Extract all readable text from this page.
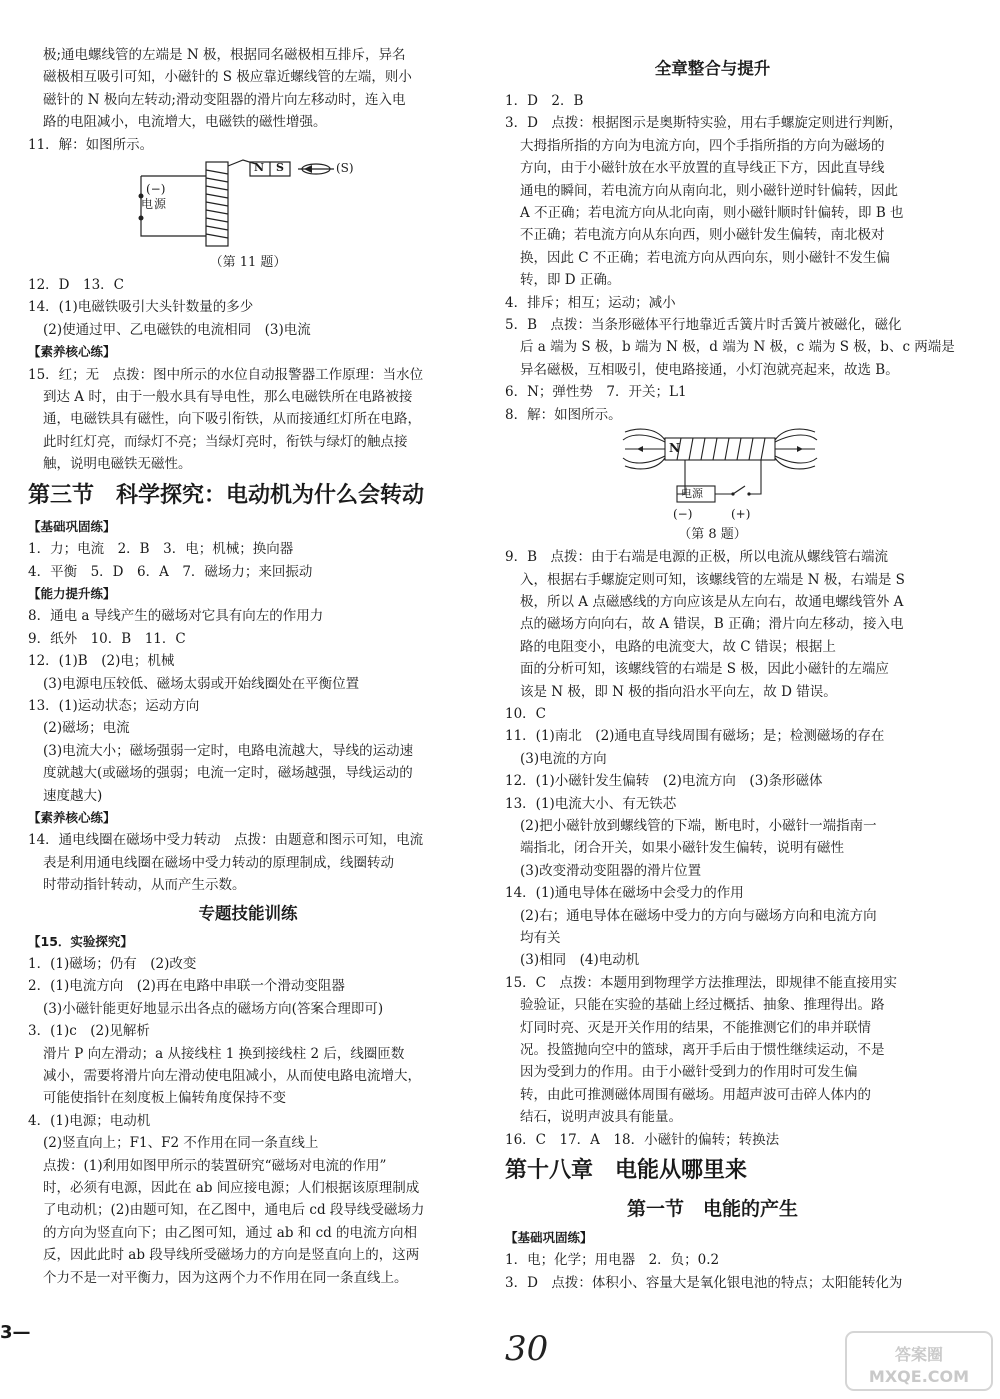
极;通电螺线管的左端是 N 极，根据同名磁极相互排斥，异名
磁极相互吸引可知，小磁针的 S 极应靠近螺线管的左端，则小
磁针的 N 极向左转动;滑动变阻器的滑片向左移动时，连入电
路的电阻减小，电流增大，电磁铁的磁性增强。
11．解：如图所示。
(−)
电 源
N S	(S)
（第 11 题）
12．D　13．C
14．(1)电磁铁吸引大头针数量的多少
(2)使通过甲、乙电磁铁的电流相同　(3)电流
【素养核心练】
15．红；无　点拨：图中所示的水位自动报警器工作原理：当水位
到达 A 时，由于一般水具有导电性，那么电磁铁所在电路被接
通，电磁铁具有磁性，向下吸引衔铁，从而接通红灯所在电路，
此时红灯亮，而绿灯不亮；当绿灯亮时，衔铁与绿灯的触点接
触，说明电磁铁无磁性。
第三节　科学探究：电动机为什么会转动
【基础巩固练】
1．力；电流　2．B　3．电；机械；换向器
4．平衡　5．D　6．A　7．磁场力；来回振动
【能力提升练】
8．通电 a 导线产生的磁场对它具有向左的作用力
9．纸外　10．B　11．C
12．(1)B　(2)电；机械
(3)电源电压较低、磁场太弱或开始线圈处在平衡位置
13．(1)运动状态；运动方向
(2)磁场；电流
(3)电流大小；磁场强弱一定时，电路电流越大，导线的运动速
度就越大(或磁场的强弱；电流一定时，磁场越强，导线运动的
速度越大)
【素养核心练】
14．通电线圈在磁场中受力转动　点拨：由题意和图示可知，电流
表是利用通电线圈在磁场中受力转动的原理制成，线圈转动
时带动指针转动，从而产生示数。
专题技能训练
【15．实验探究】
1．(1)磁场；仍有　(2)改变
2．(1)电流方向　(2)再在电路中串联一个滑动变阻器
(3)小磁针能更好地显示出各点的磁场方向(答案合理即可)
3．(1)c　(2)见解析
滑片 P 向左滑动；a 从接线柱 1 换到接线柱 2 后，线圈匝数
减小，需要将滑片向左滑动使电阻减小，从而使电路电流增大，
可能使指针在刻度板上偏转角度保持不变
4．(1)电源；电动机
(2)竖直向上；F1、F2 不作用在同一条直线上
点拨：(1)利用如图甲所示的装置研究“磁场对电流的作用”
时，必须有电源，因此在 ab 间应接电源；人们根据该原理制成
了电动机；(2)由题可知，在乙图中，通电后 cd 段导线受磁场力
的方向为竖直向下；由乙图可知，通过 ab 和 cd 的电流方向相
反，因此此时 ab 段导线所受磁场力的方向是竖直向上的，这两
个力不是一对平衡力，因为这两个力不作用在同一条直线上。
全章整合与提升
1．D　2．B
3．D　点拨：根据图示是奥斯特实验，用右手螺旋定则进行判断，
大拇指所指的方向为电流方向，四个手指所指的方向为磁场的
方向，由于小磁针放在水平放置的直导线正下方，因此直导线
通电的瞬间，若电流方向从南向北，则小磁针逆时针偏转，因此
A 不正确；若电流方向从北向南，则小磁针顺时针偏转，即 B 也
不正确；若电流方向从东向西，则小磁针发生偏转，南北极对
换，因此 C 不正确；若电流方向从西向东，则小磁针不发生偏
转，即 D 正确。
4．排斥；相互；运动；减小
5．B　点拨：当条形磁体平行地靠近舌簧片时舌簧片被磁化，磁化
后 a 端为 S 极，b 端为 N 极，d 端为 N 极，c 端为 S 极，b、c 两端是
异名磁极，互相吸引，使电路接通，小灯泡就亮起来，故选 B。
6．N；弹性势　7．开关；L1
8．解：如图所示。
N
电源
(−)	(+)
（第 8 题）
9．B　点拨：由于右端是电源的正极，所以电流从螺线管右端流
入，根据右手螺旋定则可知，该螺线管的左端是 N 极，右端是 S
极，所以 A 点磁感线的方向应该是从左向右，故通电螺线管外 A
点的磁场方向向右，故 A 错误，B 正确；滑片向左移动，接入电
路的电阻变小，电路的电流变大，故 C 错误；根据上
面的分析可知，该螺线管的右端是 S 极，因此小磁针的左端应
该是 N 极，即 N 极的指向沿水平向左，故 D 错误。
10．C
11．(1)南北　(2)通电直导线周围有磁场；是；检测磁场的存在
(3)电流的方向
12．(1)小磁针发生偏转　(2)电流方向　(3)条形磁体
13．(1)电流大小、有无铁芯
(2)把小磁针放到螺线管的下端，断电时，小磁针一端指南一
端指北，闭合开关，如果小磁针发生偏转，说明有磁性
(3)改变滑动变阻器的滑片位置
14．(1)通电导体在磁场中会受力的作用
(2)右；通电导体在磁场中受力的方向与磁场方向和电流方向
均有关
(3)相同　(4)电动机
15．C　点拨：本题用到物理学方法推理法，即规律不能直接用实
验验证，只能在实验的基础上经过概括、抽象、推理得出。路
灯同时亮、灭是开关作用的结果，不能推测它们的串并联情
况。投篮抛向空中的篮球，离开手后由于惯性继续运动，不是
因为受到力的作用。由于小磁针受到力的作用时可发生偏
转，由此可推测磁体周围有磁场。用超声波可击碎人体内的
结石，说明声波具有能量。
16．C　17．A　18．小磁针的偏转；转换法
第十八章　电能从哪里来
第一节　电能的产生
【基础巩固练】
1．电；化学；用电器　2．负；0.2
3．D　点拨：体积小、容量大是氧化银电池的特点；太阳能转化为
3—	30	答案圈
MXQE.COM
